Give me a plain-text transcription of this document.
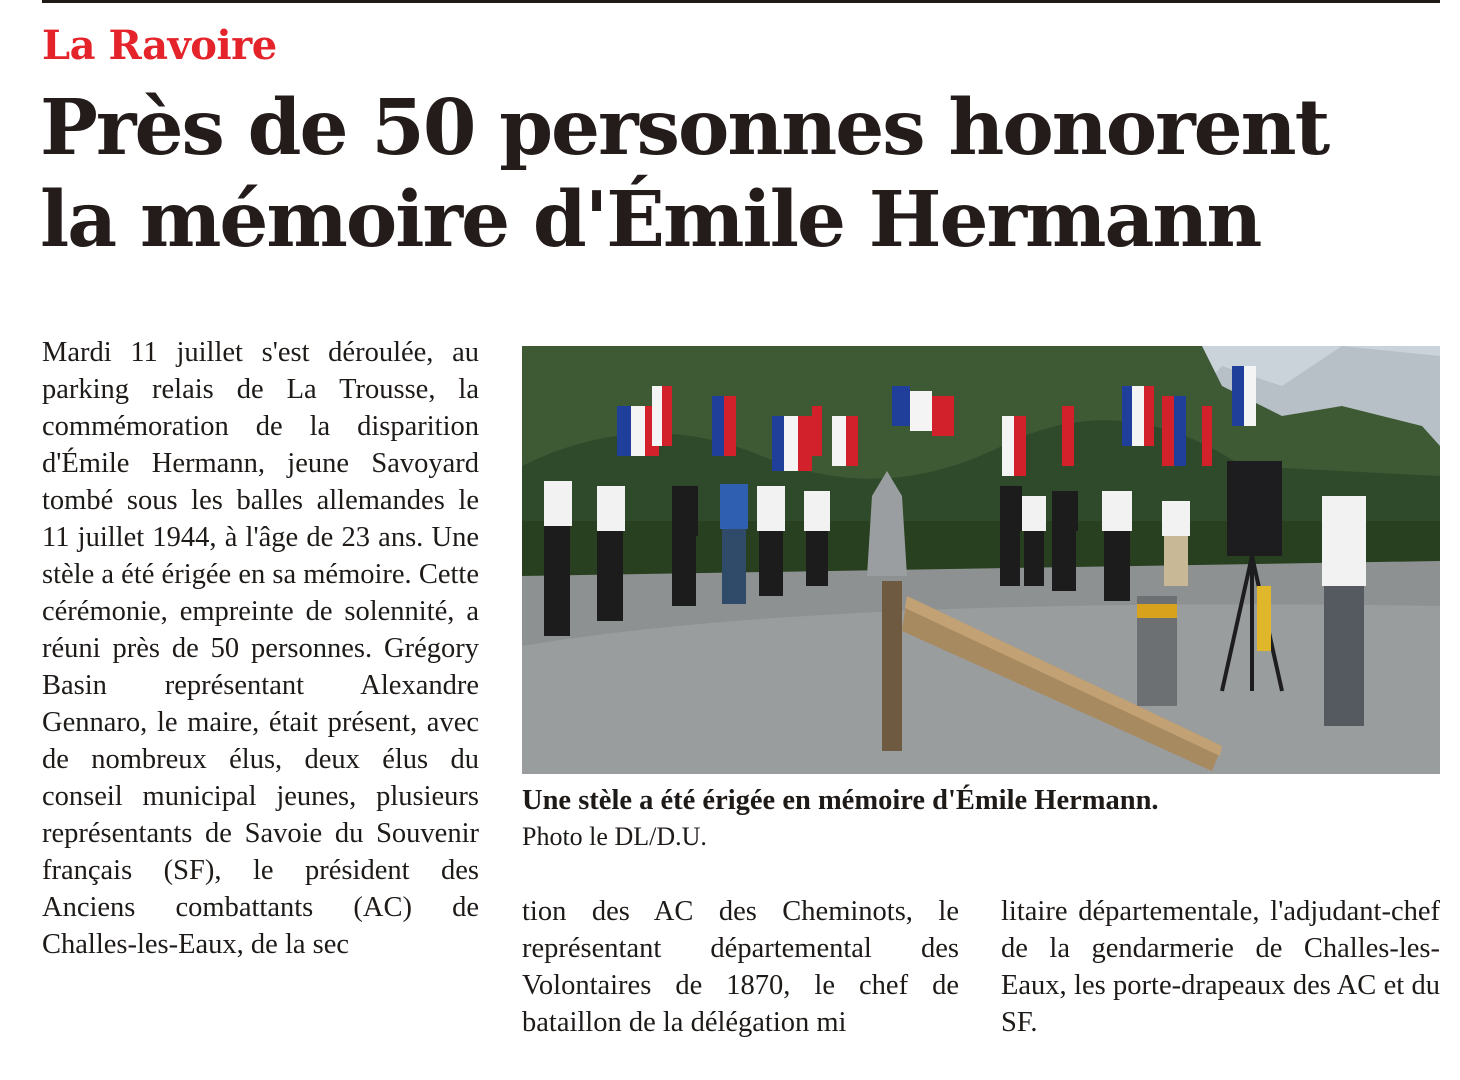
La Ravoire
Près de 50 personnes honorent
la mémoire d'Émile Hermann

Mardi 11 juillet s'est déroulée, au parking relais de La Trousse, la commémoration de la disparition d'Émile Hermann, jeune Savoyard tombé sous les balles allemandes le 11 juillet 1944, à l'âge de 23 ans. Une stèle a été érigée en sa mémoire. Cette cérémonie, empreinte de solennité, a réuni près de 50 personnes. Grégory Basin représentant Alexandre Gennaro, le maire, était présent, avec de nombreux élus, deux élus du conseil municipal jeunes, plusieurs représentants de Savoie du Souvenir français (SF), le président des Anciens combattants (AC) de Challes-les-Eaux, de la sec

Une stèle a été érigée en mémoire d'Émile Hermann.
Photo le DL/D.U.

tion des AC des Cheminots, le représentant départemental des Volontaires de 1870, le chef de bataillon de la délégation mi

litaire départementale, l'adjudant-chef de la gendarmerie de Challes-les-Eaux, les porte-drapeaux des AC et du SF.
